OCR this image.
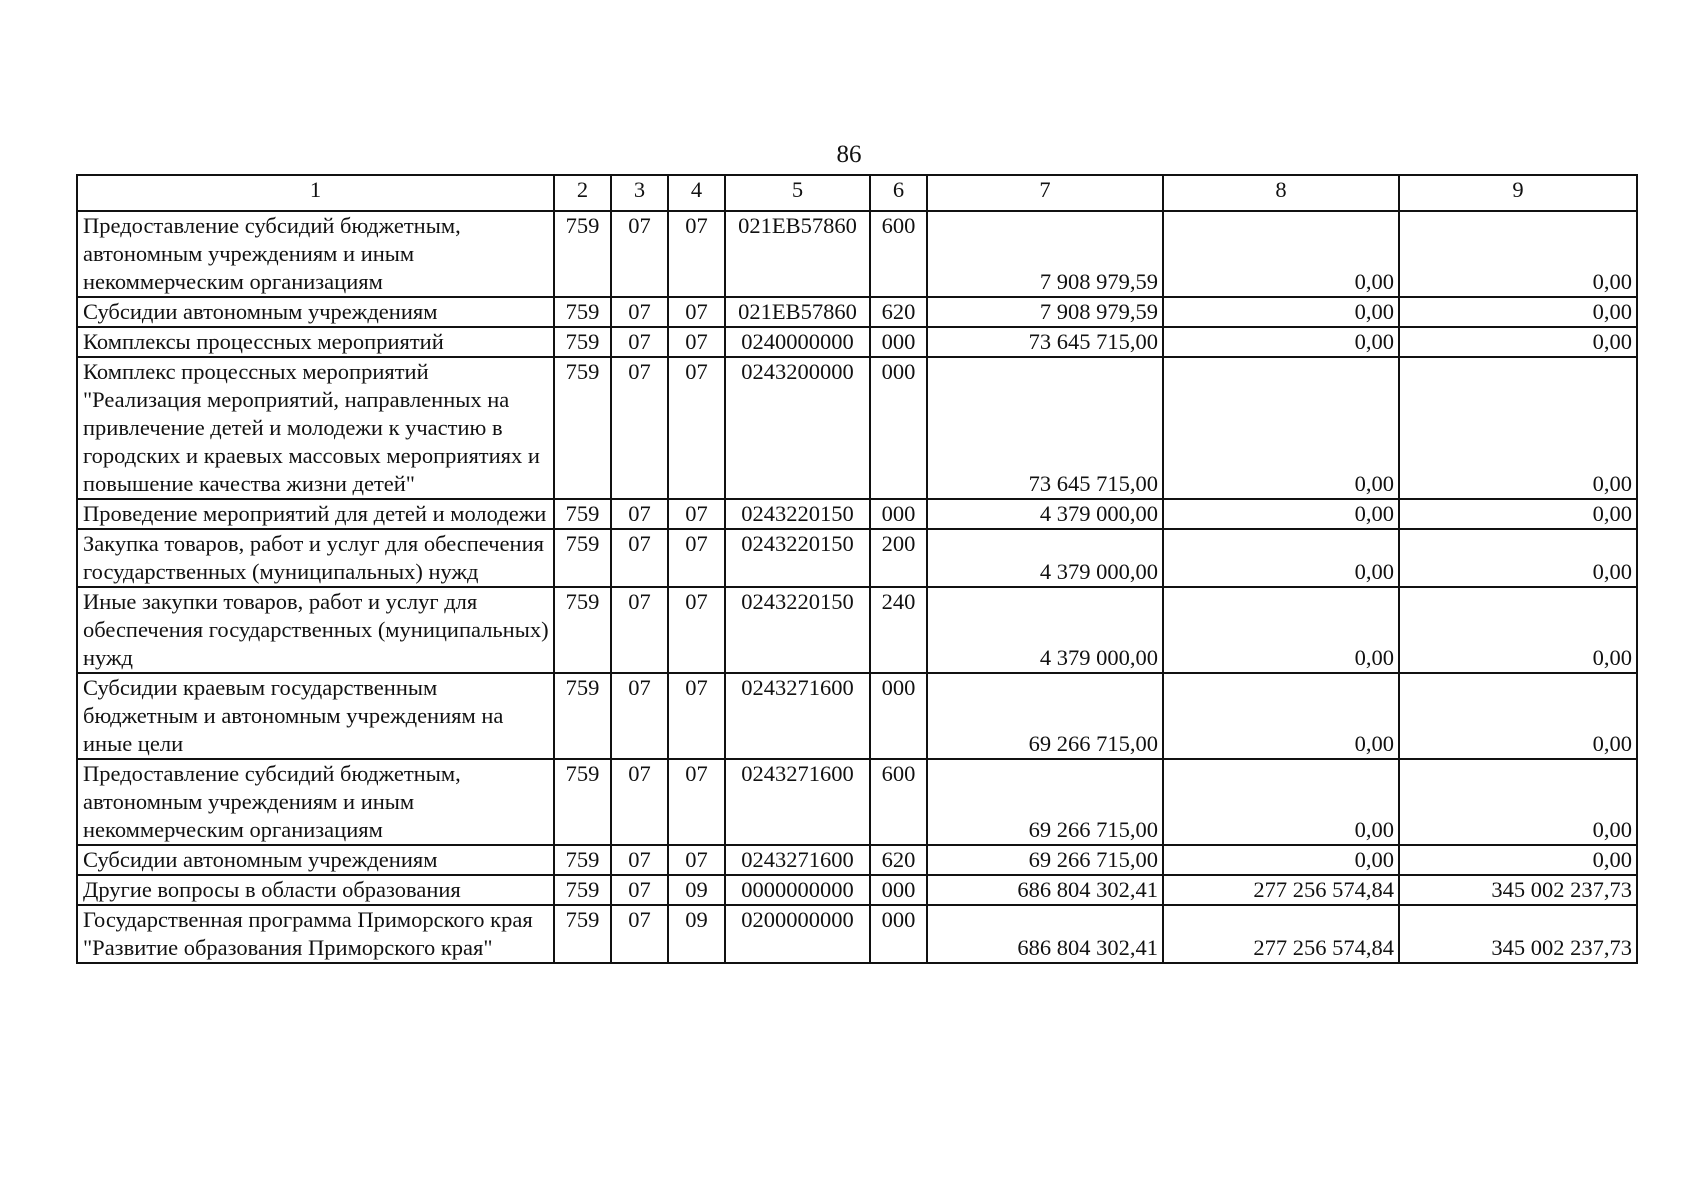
86
1	2	3	4	5	6	7	8	9
Предоставление субсидий бюджетным, автономным учреждениям и иным некоммерческим организациям	759	07	07	021EB57860	600	7 908 979,59	0,00	0,00
Субсидии автономным учреждениям	759	07	07	021EB57860	620	7 908 979,59	0,00	0,00
Комплексы процессных мероприятий	759	07	07	0240000000	000	73 645 715,00	0,00	0,00
Комплекс процессных мероприятий "Реализация мероприятий, направленных на привлечение детей и молодежи к участию в городских и краевых массовых мероприятиях и повышение качества жизни детей"	759	07	07	0243200000	000	73 645 715,00	0,00	0,00
Проведение мероприятий для детей и молодежи	759	07	07	0243220150	000	4 379 000,00	0,00	0,00
Закупка товаров, работ и услуг для обеспечения государственных (муниципальных) нужд	759	07	07	0243220150	200	4 379 000,00	0,00	0,00
Иные закупки товаров, работ и услуг для обеспечения государственных (муниципальных) нужд	759	07	07	0243220150	240	4 379 000,00	0,00	0,00
Субсидии краевым государственным бюджетным и автономным учреждениям на иные цели	759	07	07	0243271600	000	69 266 715,00	0,00	0,00
Предоставление субсидий бюджетным, автономным учреждениям и иным некоммерческим организациям	759	07	07	0243271600	600	69 266 715,00	0,00	0,00
Субсидии автономным учреждениям	759	07	07	0243271600	620	69 266 715,00	0,00	0,00
Другие вопросы в области образования	759	07	09	0000000000	000	686 804 302,41	277 256 574,84	345 002 237,73
Государственная программа Приморского края "Развитие образования Приморского края"	759	07	09	0200000000	000	686 804 302,41	277 256 574,84	345 002 237,73
